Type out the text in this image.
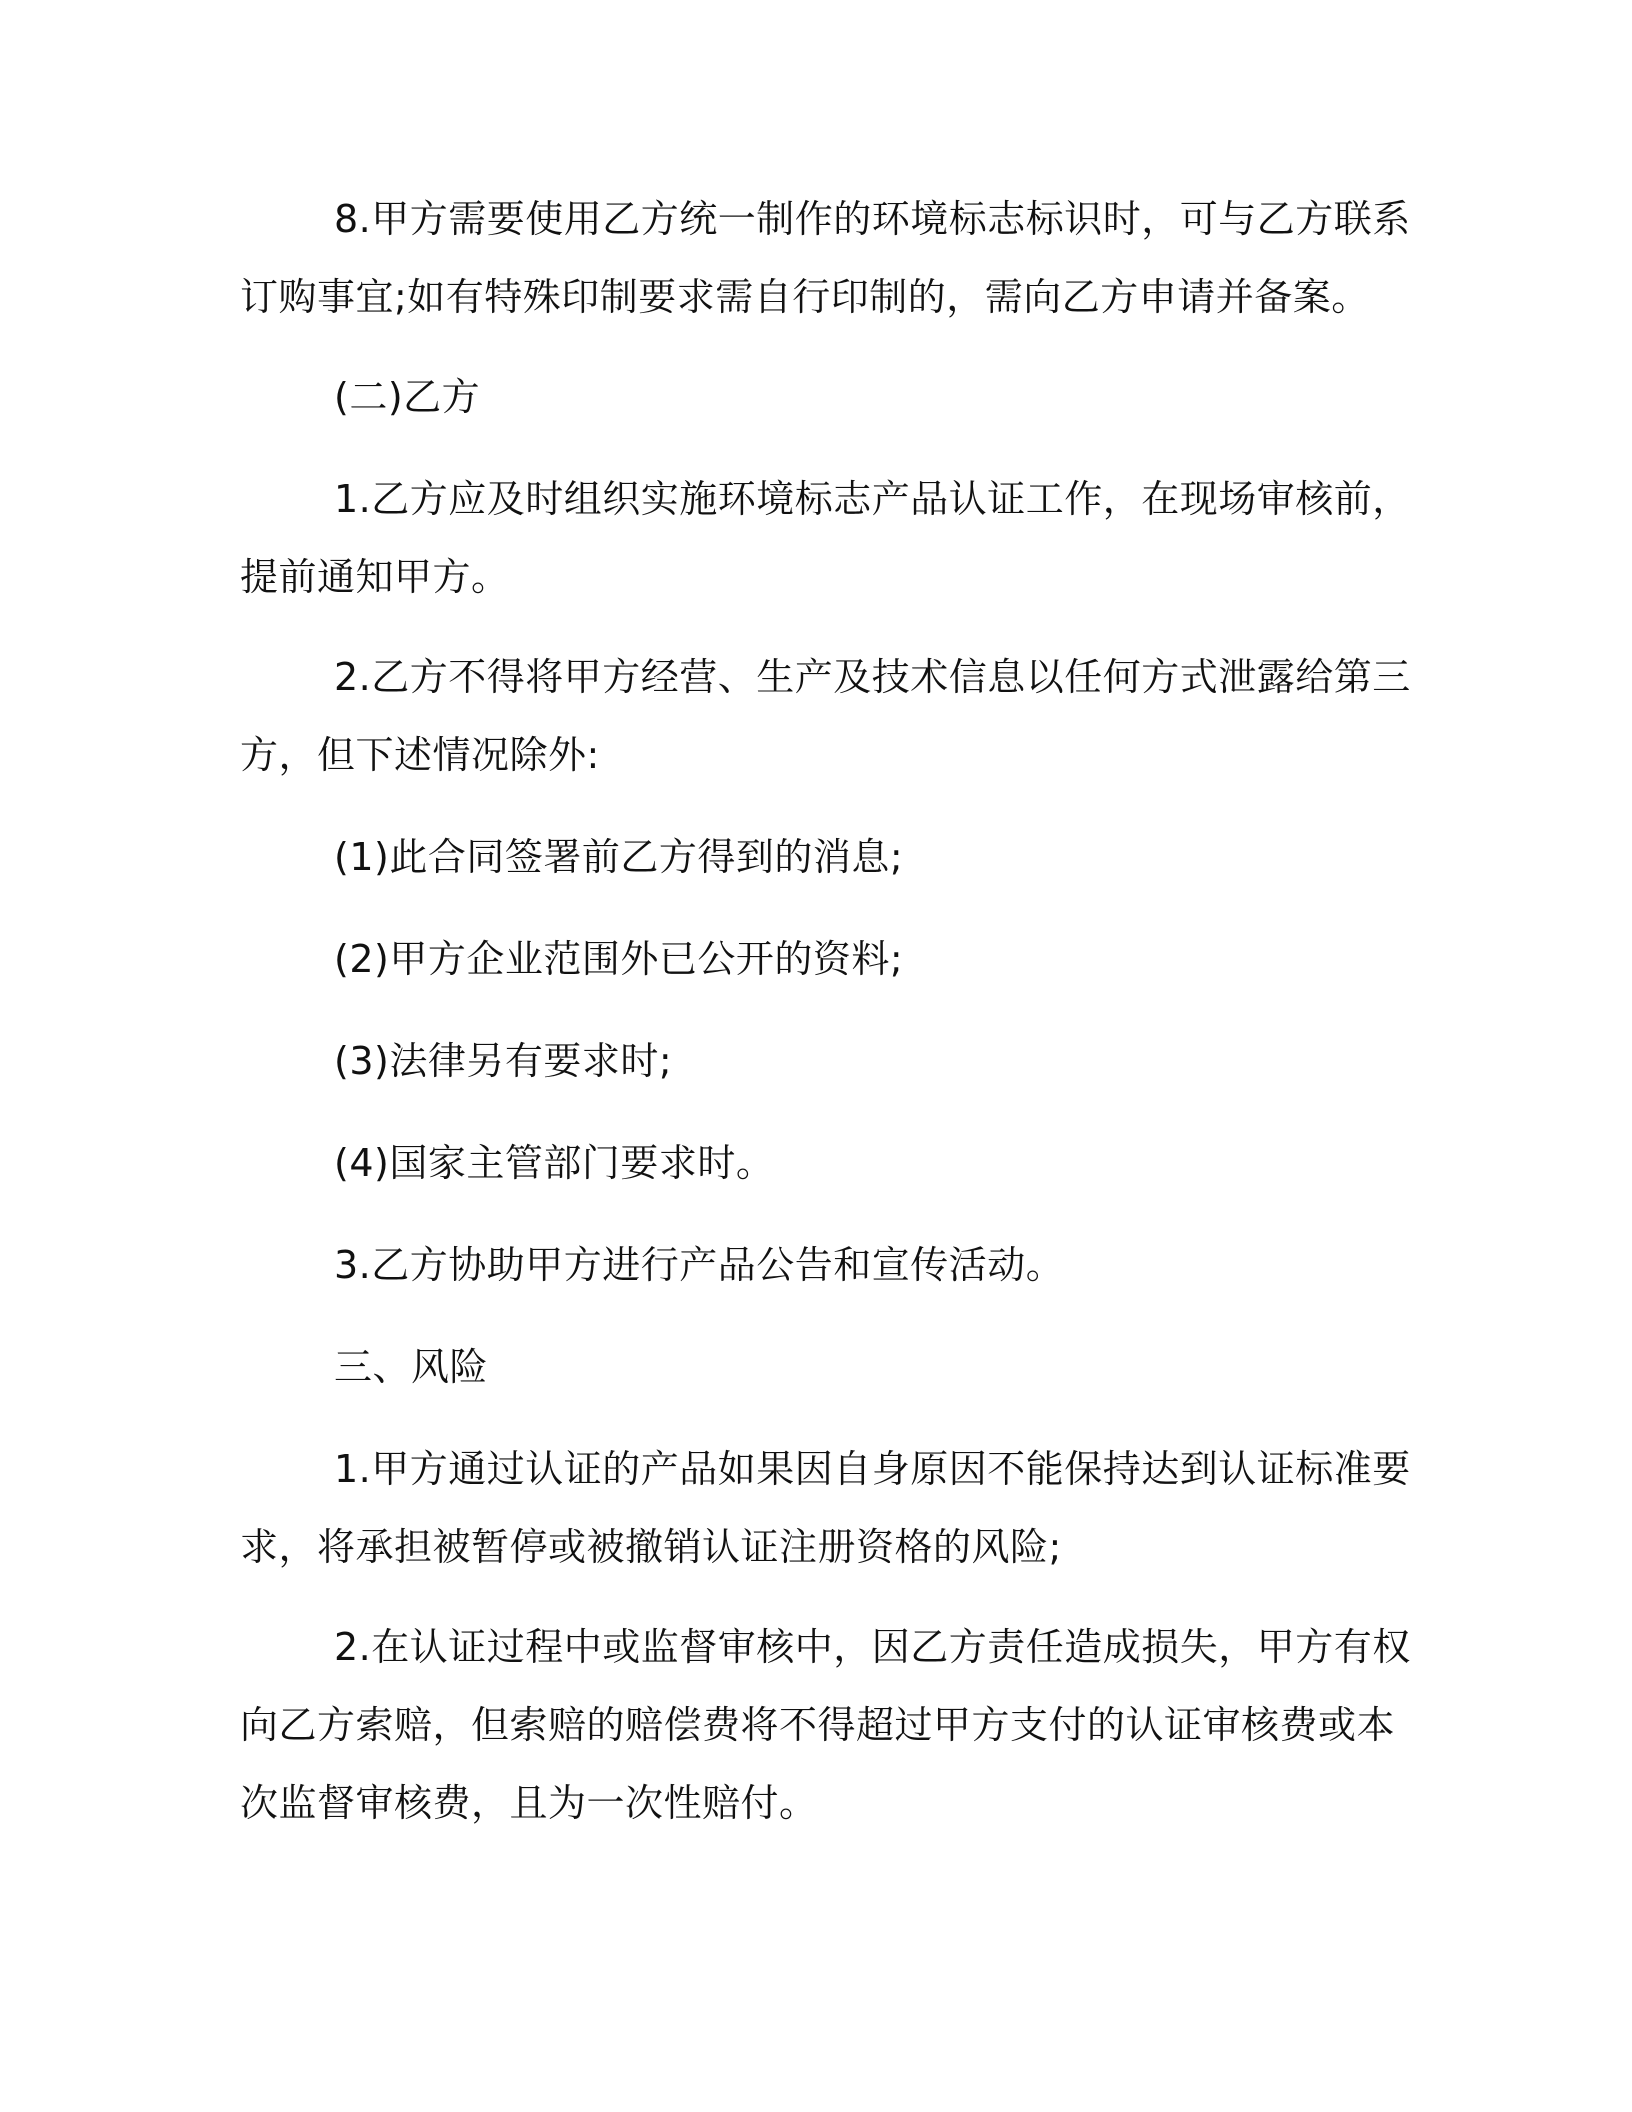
8.甲方需要使用乙方统一制作的环境标志标识时，可与乙方联系
订购事宜;如有特殊印制要求需自行印制的，需向乙方申请并备案。

(二)乙方

1.乙方应及时组织实施环境标志产品认证工作，在现场审核前，
提前通知甲方。

2.乙方不得将甲方经营、生产及技术信息以任何方式泄露给第三
方，但下述情况除外:

(1)此合同签署前乙方得到的消息;

(2)甲方企业范围外已公开的资料;

(3)法律另有要求时;

(4)国家主管部门要求时。

3.乙方协助甲方进行产品公告和宣传活动。

三、风险

1.甲方通过认证的产品如果因自身原因不能保持达到认证标准要
求，将承担被暂停或被撤销认证注册资格的风险;

2.在认证过程中或监督审核中，因乙方责任造成损失，甲方有权
向乙方索赔，但索赔的赔偿费将不得超过甲方支付的认证审核费或本
次监督审核费，且为一次性赔付。
